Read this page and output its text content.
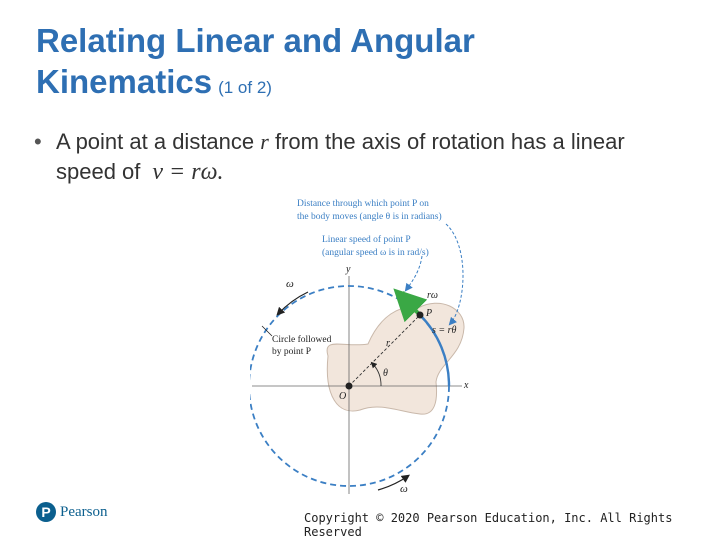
Relating Linear and Angular
Kinematics (1 of 2)
• A point at a distance r from the axis of rotation has a linear speed of v = rω.
Distance through which point P on
the body moves (angle θ is in radians)
Linear speed of point P
(angular speed ω is in rad/s)
v rω
P
s = rθ
r
θ
O
x
y
ω
ω
Circle followed
by point P
P Pearson	Copyright © 2020 Pearson Education, Inc. All Rights Reserved
